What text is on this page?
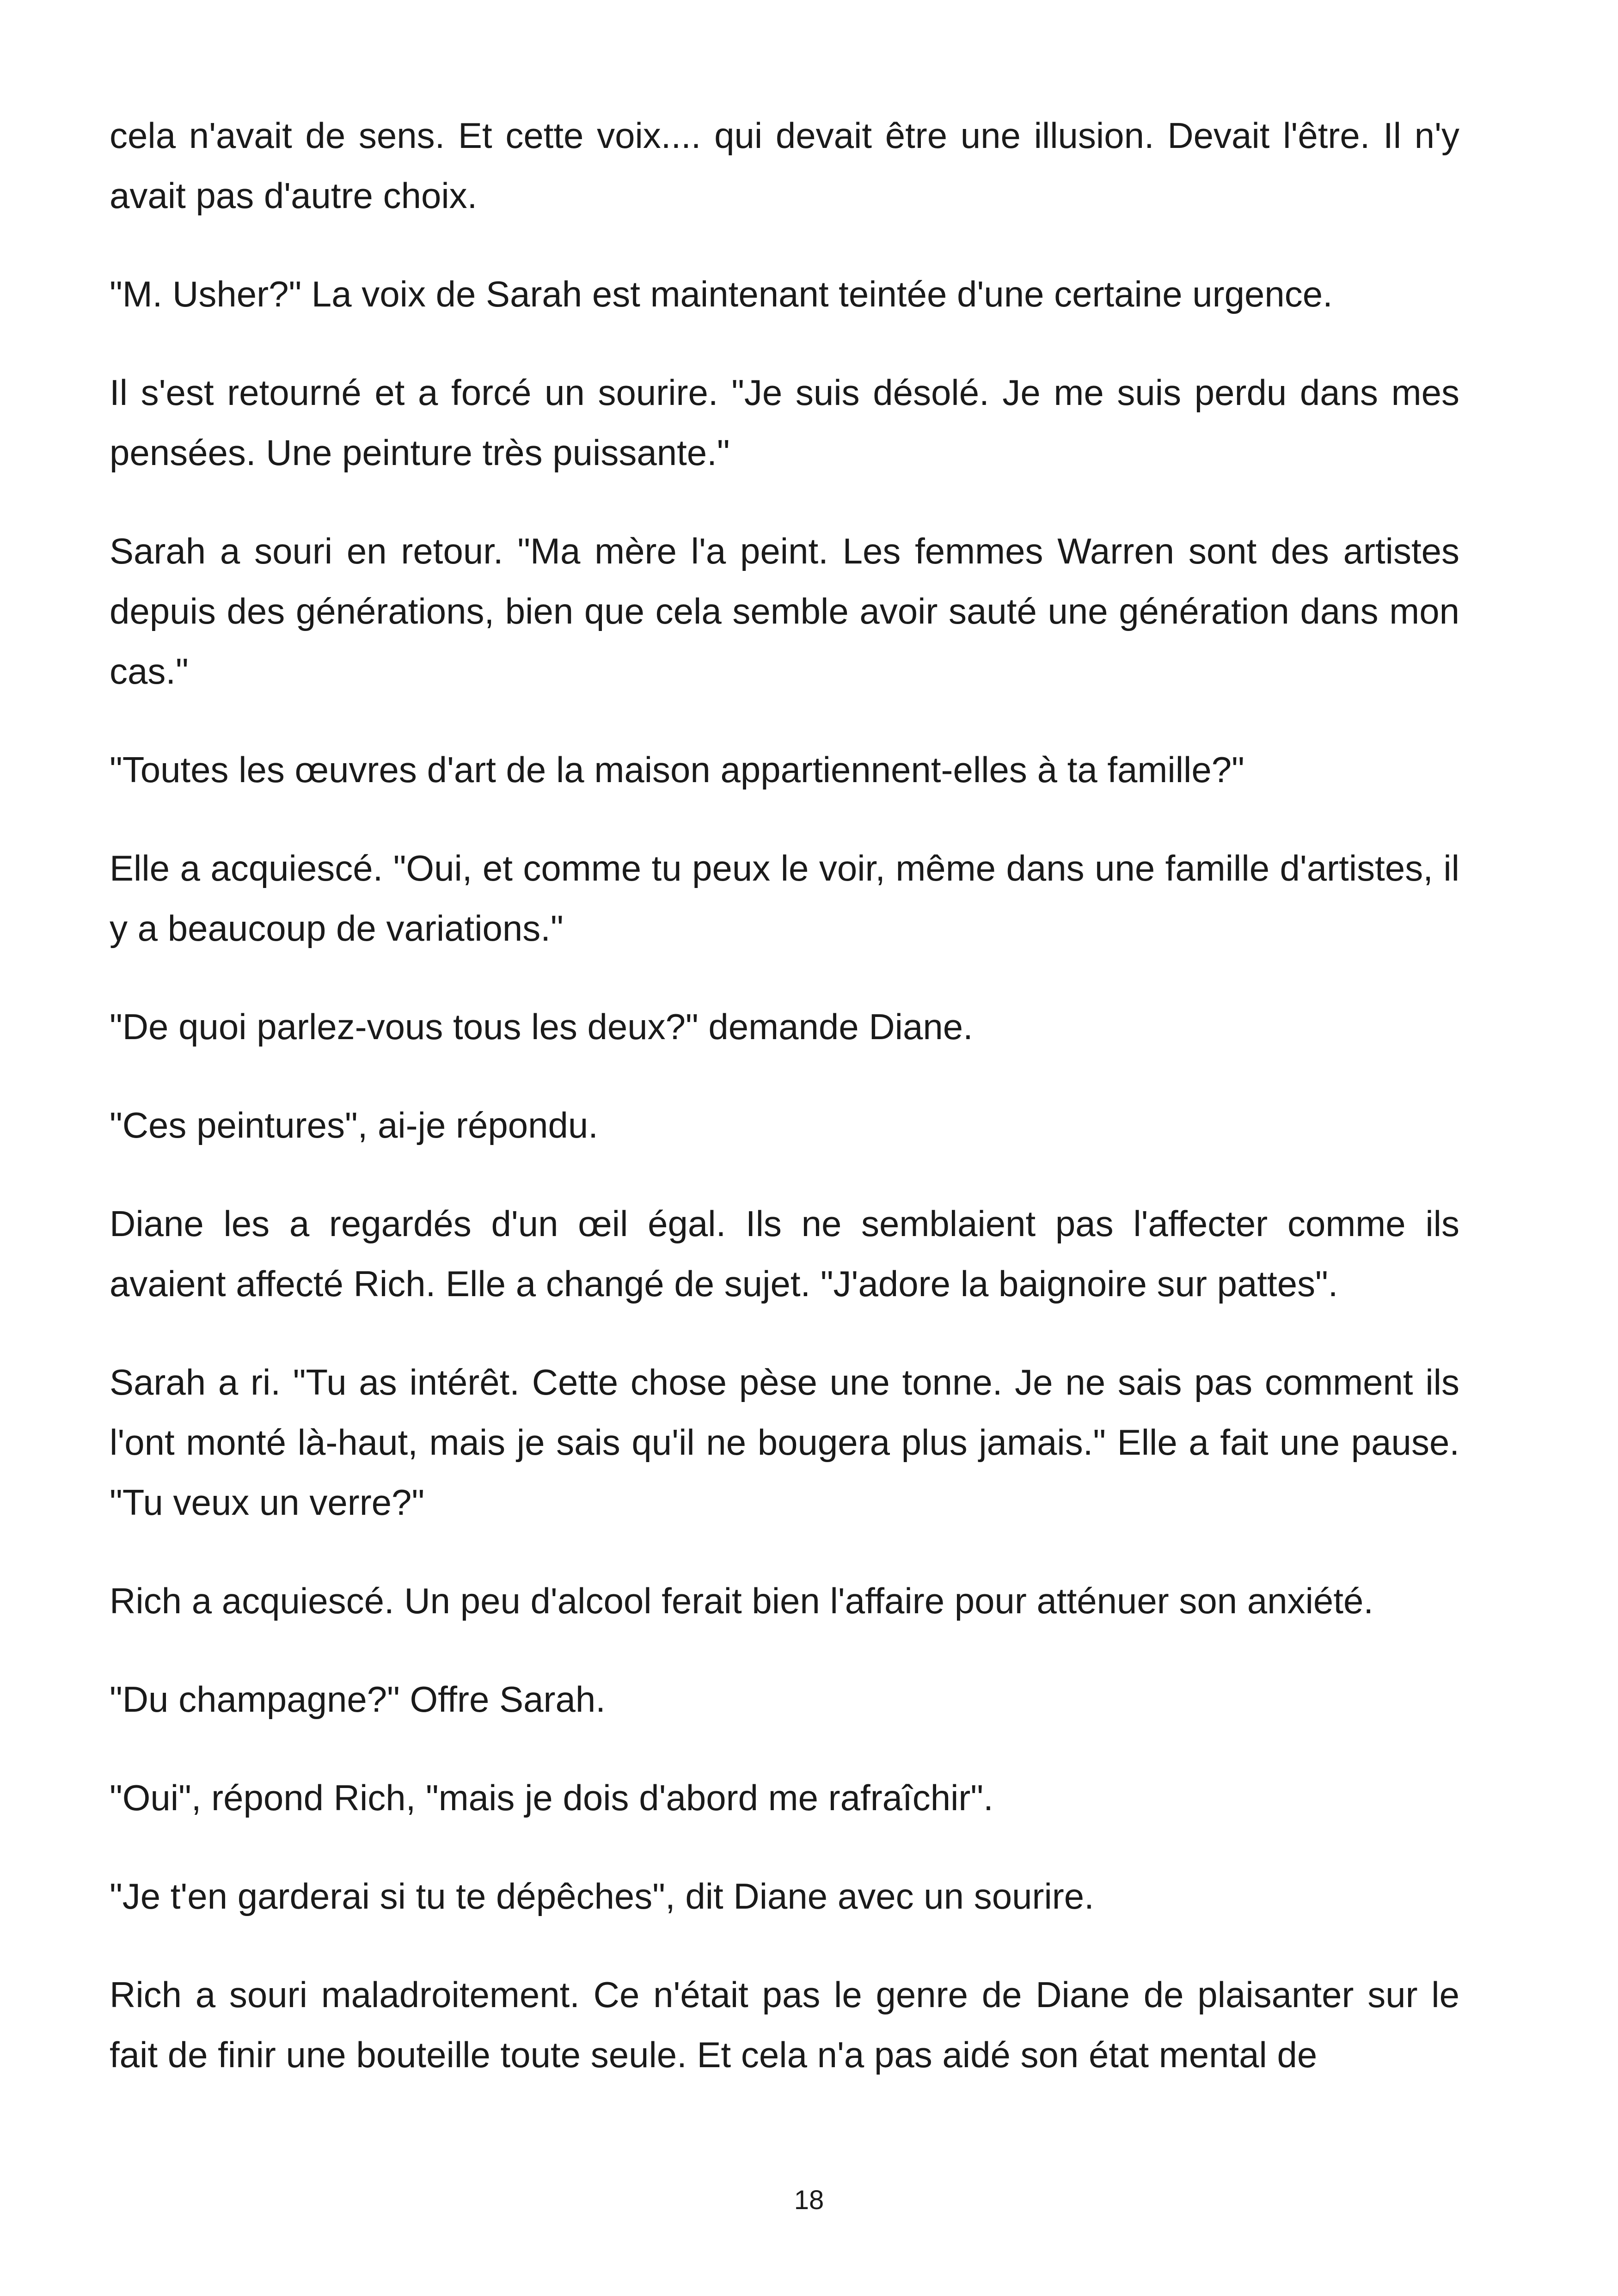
cela n'avait de sens. Et cette voix.... qui devait être une illusion. Devait l'être. Il n'y avait pas d'autre choix.

"M. Usher?" La voix de Sarah est maintenant teintée d'une certaine urgence.

Il s'est retourné et a forcé un sourire. "Je suis désolé. Je me suis perdu dans mes pensées. Une peinture très puissante."

Sarah a souri en retour. "Ma mère l'a peint. Les femmes Warren sont des artistes depuis des générations, bien que cela semble avoir sauté une génération dans mon cas."

"Toutes les œuvres d'art de la maison appartiennent-elles à ta famille?"

Elle a acquiescé. "Oui, et comme tu peux le voir, même dans une famille d'artistes, il y a beaucoup de variations."

"De quoi parlez-vous tous les deux?" demande Diane.

"Ces peintures", ai-je répondu.

Diane les a regardés d'un œil égal. Ils ne semblaient pas l'affecter comme ils avaient affecté Rich. Elle a changé de sujet. "J'adore la baignoire sur pattes".

Sarah a ri. "Tu as intérêt. Cette chose pèse une tonne. Je ne sais pas comment ils l'ont monté là-haut, mais je sais qu'il ne bougera plus jamais." Elle a fait une pause. "Tu veux un verre?"

Rich a acquiescé. Un peu d'alcool ferait bien l'affaire pour atténuer son anxiété.

"Du champagne?" Offre Sarah.

"Oui", répond Rich, "mais je dois d'abord me rafraîchir".

"Je t'en garderai si tu te dépêches", dit Diane avec un sourire.

Rich a souri maladroitement. Ce n'était pas le genre de Diane de plaisanter sur le fait de finir une bouteille toute seule. Et cela n'a pas aidé son état mental de

18
